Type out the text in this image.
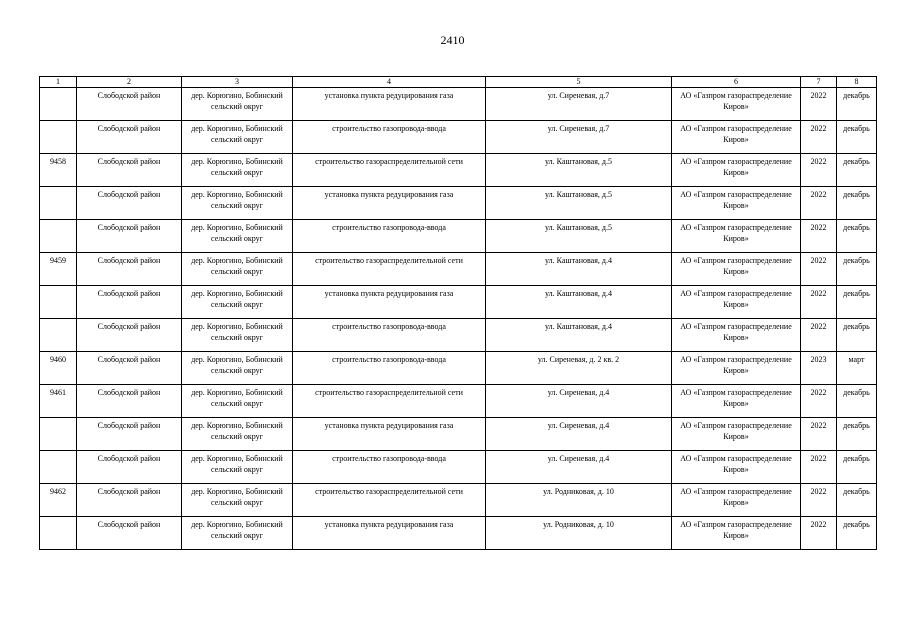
2410
1	2	3	4	5	6	7	8
	Слободской район	дер. Корюгино, Бобинский сельский округ	установка пункта редуцирования газа	ул. Сиреневая, д.7	АО «Газпром газораспределение Киров»	2022	декабрь
	Слободской район	дер. Корюгино, Бобинский сельский округ	строительство газопровода-ввода	ул. Сиреневая, д.7	АО «Газпром газораспределение Киров»	2022	декабрь
9458	Слободской район	дер. Корюгино, Бобинский сельский округ	строительство газораспределительной сети	ул. Каштановая, д.5	АО «Газпром газораспределение Киров»	2022	декабрь
	Слободской район	дер. Корюгино, Бобинский сельский округ	установка пункта редуцирования газа	ул. Каштановая, д.5	АО «Газпром газораспределение Киров»	2022	декабрь
	Слободской район	дер. Корюгино, Бобинский сельский округ	строительство газопровода-ввода	ул. Каштановая, д.5	АО «Газпром газораспределение Киров»	2022	декабрь
9459	Слободской район	дер. Корюгино, Бобинский сельский округ	строительство газораспределительной сети	ул. Каштановая, д.4	АО «Газпром газораспределение Киров»	2022	декабрь
	Слободской район	дер. Корюгино, Бобинский сельский округ	установка пункта редуцирования газа	ул. Каштановая, д.4	АО «Газпром газораспределение Киров»	2022	декабрь
	Слободской район	дер. Корюгино, Бобинский сельский округ	строительство газопровода-ввода	ул. Каштановая, д.4	АО «Газпром газораспределение Киров»	2022	декабрь
9460	Слободской район	дер. Корюгино, Бобинский сельский округ	строительство газопровода-ввода	ул. Сиреневая, д. 2 кв. 2	АО «Газпром газораспределение Киров»	2023	март
9461	Слободской район	дер. Корюгино, Бобинский сельский округ	строительство газораспределительной сети	ул. Сиреневая, д.4	АО «Газпром газораспределение Киров»	2022	декабрь
	Слободской район	дер. Корюгино, Бобинский сельский округ	установка пункта редуцирования газа	ул. Сиреневая, д.4	АО «Газпром газораспределение Киров»	2022	декабрь
	Слободской район	дер. Корюгино, Бобинский сельский округ	строительство газопровода-ввода	ул. Сиреневая, д.4	АО «Газпром газораспределение Киров»	2022	декабрь
9462	Слободской район	дер. Корюгино, Бобинский сельский округ	строительство газораспределительной сети	ул. Родниковая, д. 10	АО «Газпром газораспределение Киров»	2022	декабрь
	Слободской район	дер. Корюгино, Бобинский сельский округ	установка пункта редуцирования газа	ул. Родниковая, д. 10	АО «Газпром газораспределение Киров»	2022	декабрь
